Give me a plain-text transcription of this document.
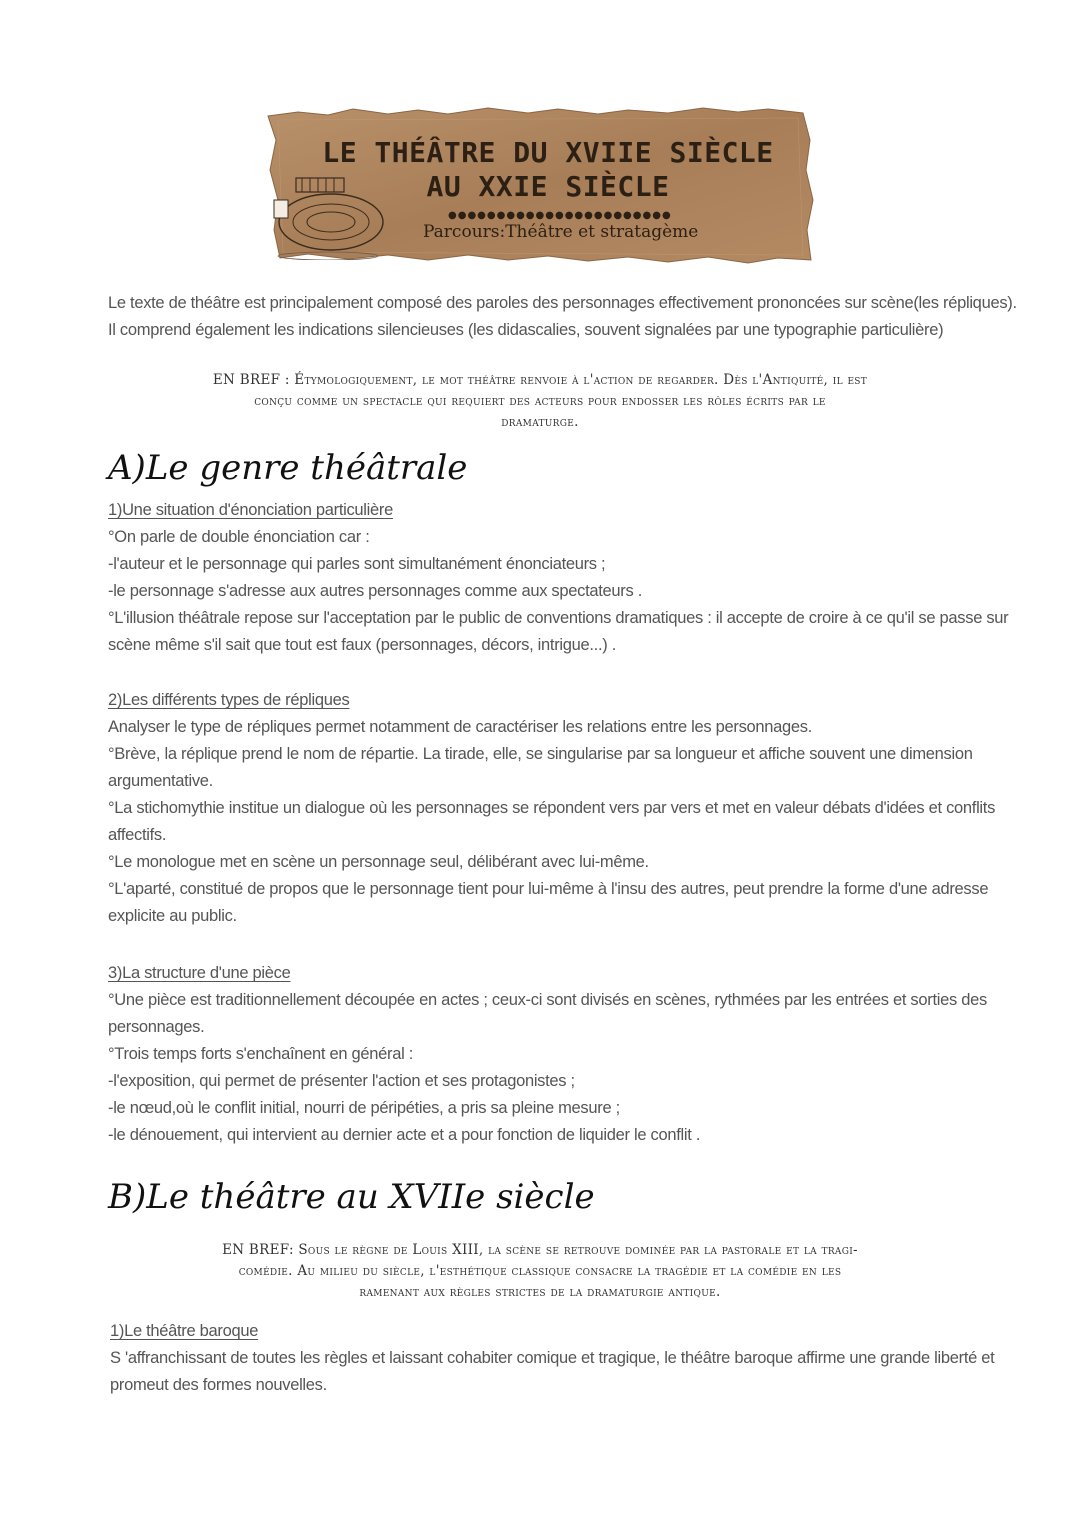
LE THÉÂTRE DU XVIIE SIÈCLE
AU XXIE SIÈCLE
●●●●●●●●●●●●●●●●●●●●●●●
Parcours:Théâtre et stratagème
Le texte de théâtre est principalement composé des paroles des personnages effectivement prononcées sur scène(les répliques).
Il comprend également les indications silencieuses (les didascalies, souvent signalées par une typographie particulière)
EN BREF : Étymologiquement, le mot théâtre renvoie à l'action de regarder. Dès l'Antiquité, il est
conçu comme un spectacle qui requiert des acteurs pour endosser les rôles écrits par le
dramaturge.
A)Le genre théâtrale
1)Une situation d'énonciation particulière
°On parle de double énonciation car :
-l'auteur et le personnage qui parles sont simultanément énonciateurs ;
-le personnage s'adresse aux autres personnages comme aux spectateurs .
°L'illusion théâtrale repose sur l'acceptation par le public de conventions dramatiques : il accepte de croire à ce qu'il se passe sur
scène même s'il sait que tout est faux (personnages, décors, intrigue...) .
2)Les différents types de répliques
Analyser le type de répliques permet notamment de caractériser les relations entre les personnages.
°Brève, la réplique prend le nom de répartie. La tirade, elle, se singularise par sa longueur et affiche souvent une dimension
argumentative.
°La stichomythie institue un dialogue où les personnages se répondent vers par vers et met en valeur débats d'idées et conflits
affectifs.
°Le monologue met en scène un personnage seul, délibérant avec lui-même.
°L'aparté, constitué de propos que le personnage tient pour lui-même à l'insu des autres, peut prendre la forme d'une adresse
explicite au public.
3)La structure d'une pièce
°Une pièce est traditionnellement découpée en actes ; ceux-ci sont divisés en scènes, rythmées par les entrées et sorties des
personnages.
°Trois temps forts s'enchaînent en général :
-l'exposition, qui permet de présenter l'action et ses protagonistes ;
-le nœud,où le conflit initial, nourri de péripéties, a pris sa pleine mesure ;
-le dénouement, qui intervient au dernier acte et a pour fonction de liquider le conflit .
B)Le théâtre au XVIIe siècle
EN BREF: Sous le règne de Louis XIII, la scène se retrouve dominée par la pastorale et la tragi-
comédie. Au milieu du siècle, l'esthétique classique consacre la tragédie et la comédie en les
ramenant aux règles strictes de la dramaturgie antique.
1)Le théâtre baroque
S 'affranchissant de toutes les règles et laissant cohabiter comique et tragique, le théâtre baroque affirme une grande liberté et
promeut des formes nouvelles.
